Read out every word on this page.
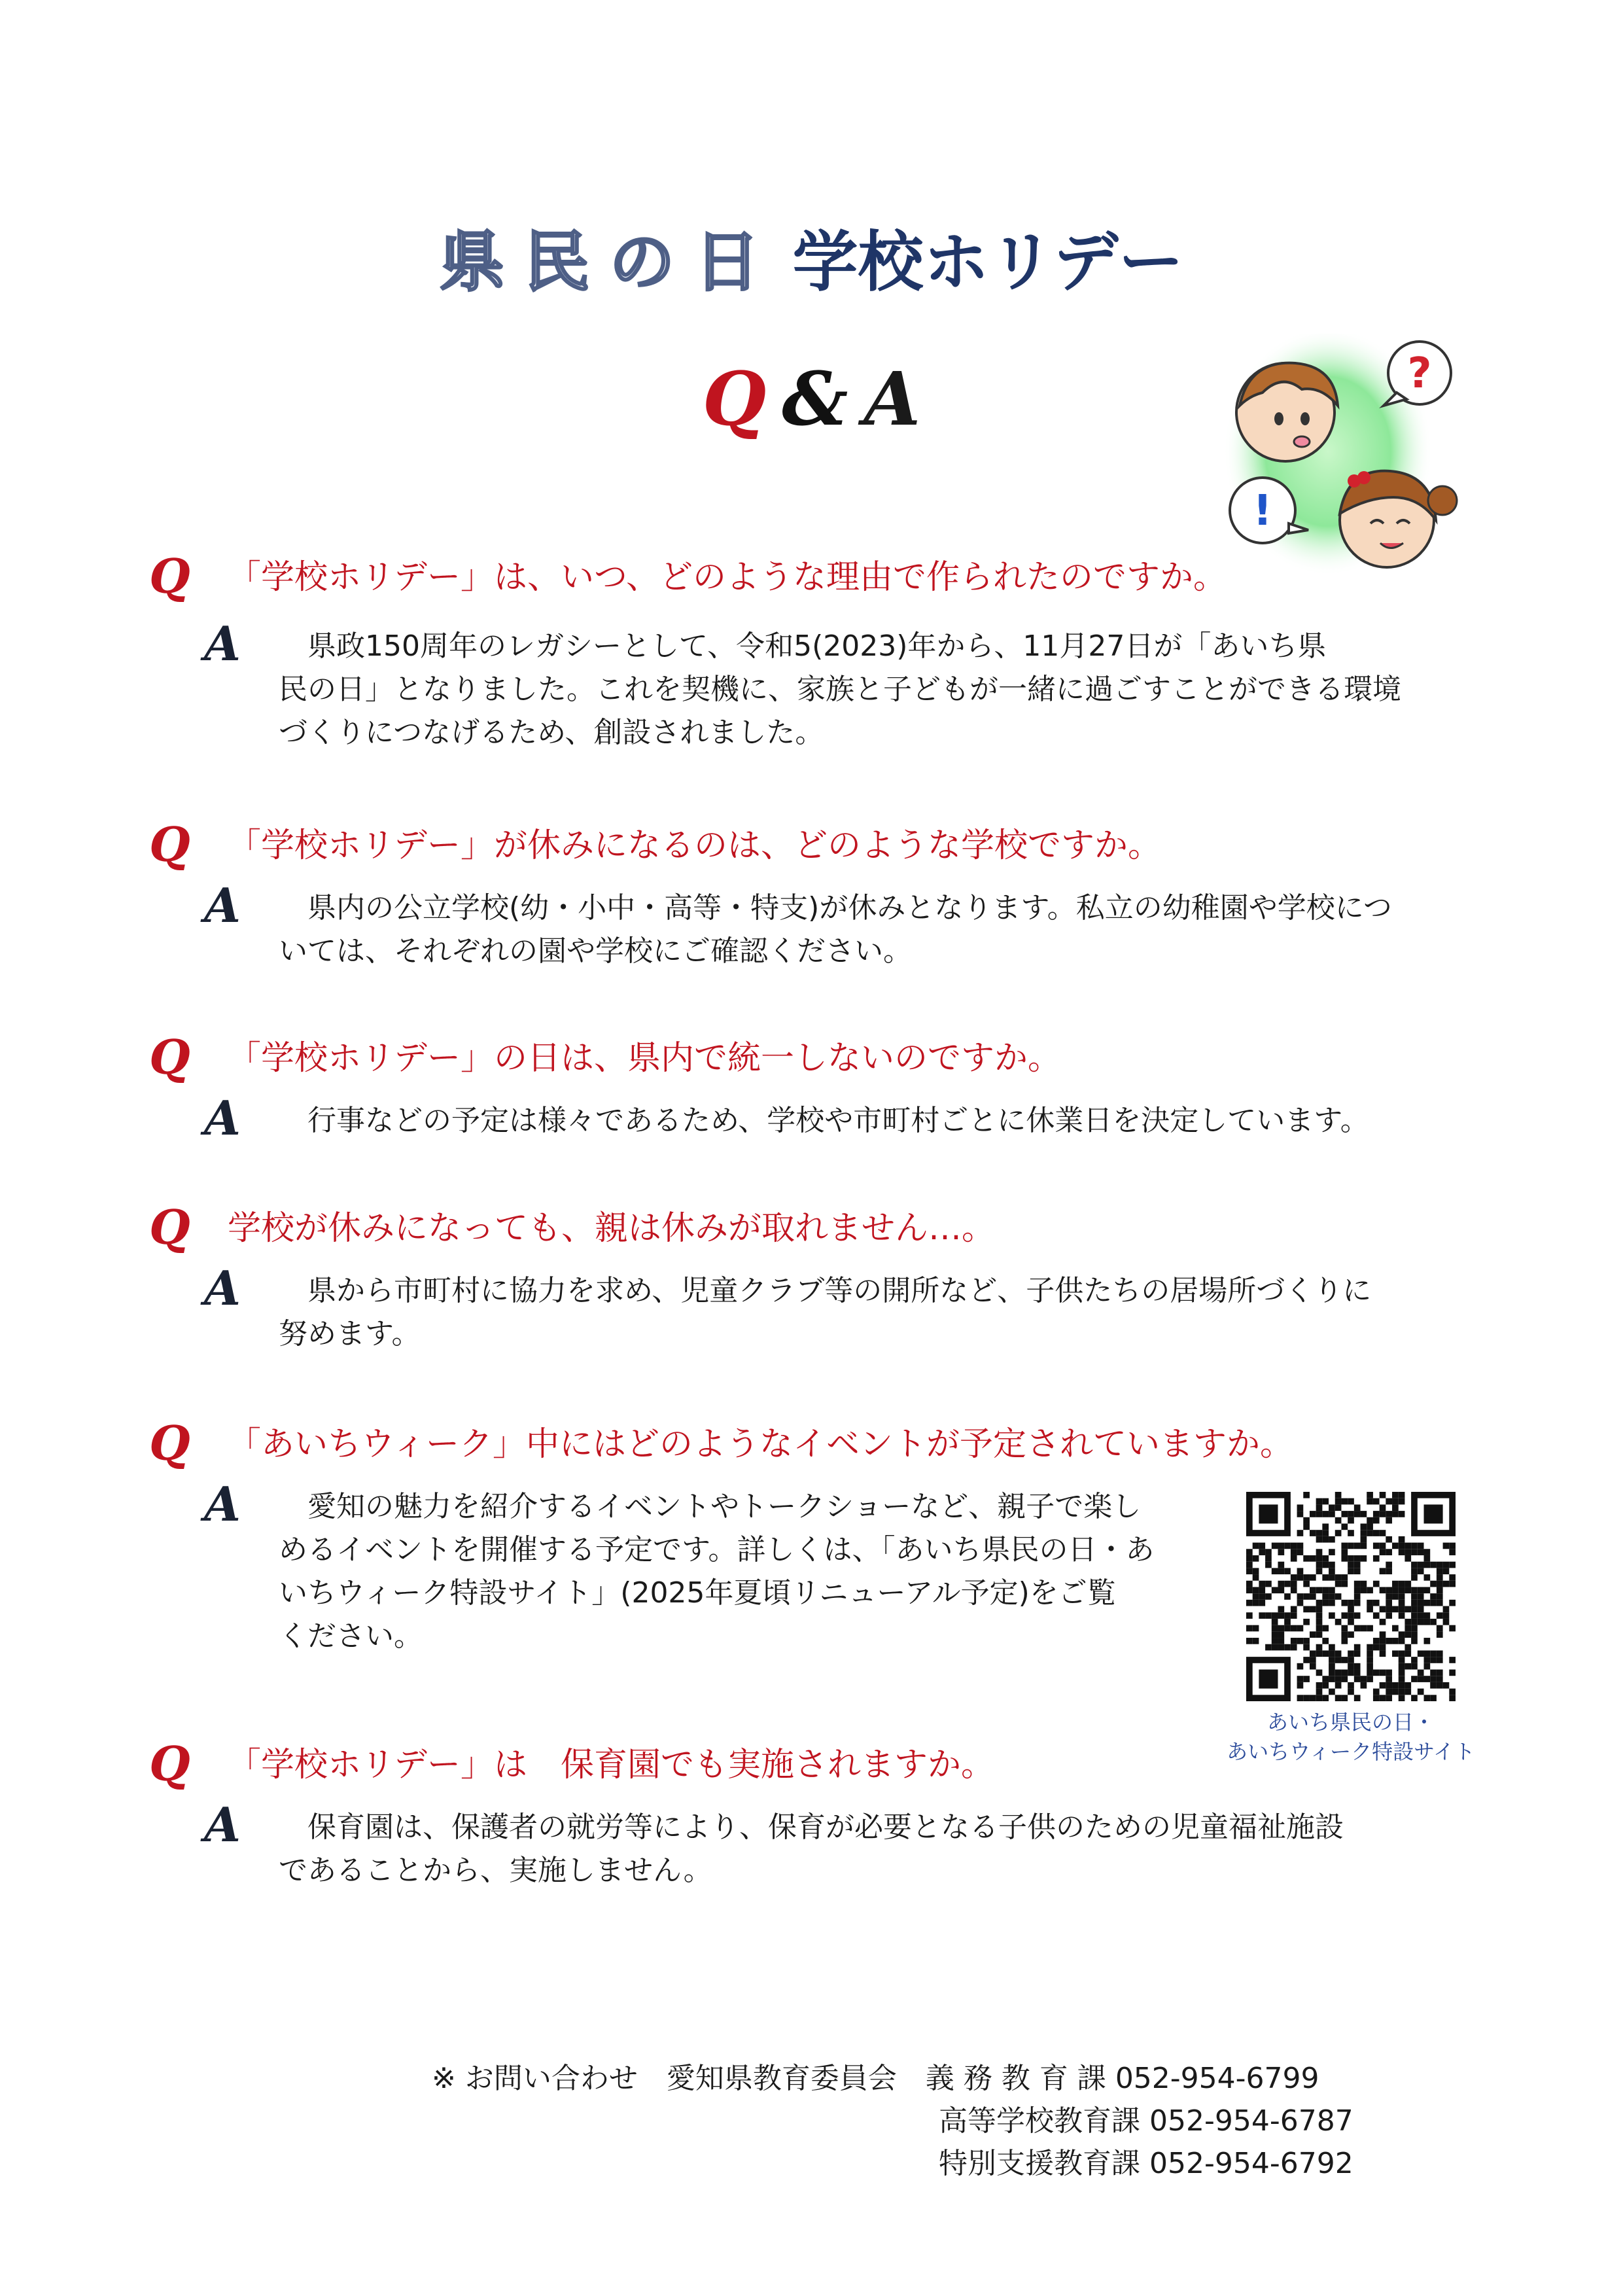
県民の日 学校ホリデー
Q & A	?
!
Q 「学校ホリデー」は、いつ、どのような理由で作られたのですか。
A 　県政150周年のレガシーとして、令和5(2023)年から、11月27日が「あいち県
民の日」となりました。これを契機に、家族と子どもが一緒に過ごすことができる環境
づくりにつなげるため、創設されました。
Q 「学校ホリデー」が休みになるのは、どのような学校ですか。
A 　県内の公立学校(幼・小中・高等・特支)が休みとなります。私立の幼稚園や学校につ
いては、それぞれの園や学校にご確認ください。
Q 「学校ホリデー」の日は、県内で統一しないのですか。
A 　行事などの予定は様々であるため、学校や市町村ごとに休業日を決定しています。
Q 学校が休みになっても、親は休みが取れません…。
A 　県から市町村に協力を求め、児童クラブ等の開所など、子供たちの居場所づくりに
努めます。
Q 「あいちウィーク」中にはどのようなイベントが予定されていますか。
A 　愛知の魅力を紹介するイベントやトークショーなど、親子で楽し
めるイベントを開催する予定です。詳しくは、「あいち県民の日・あ
いちウィーク特設サイト」(2025年夏頃リニューアル予定)をご覧
ください。
あいち県民の日・
あいちウィーク特設サイト
Q 「学校ホリデー」は　保育園でも実施されますか。
A 　保育園は、保護者の就労等により、保育が必要となる子供のための児童福祉施設
であることから、実施しません。
※ お問い合わせ　愛知県教育委員会　 義 務 教 育 課 052-954-6799
高等学校教育課 052-954-6787
特別支援教育課 052-954-6792
